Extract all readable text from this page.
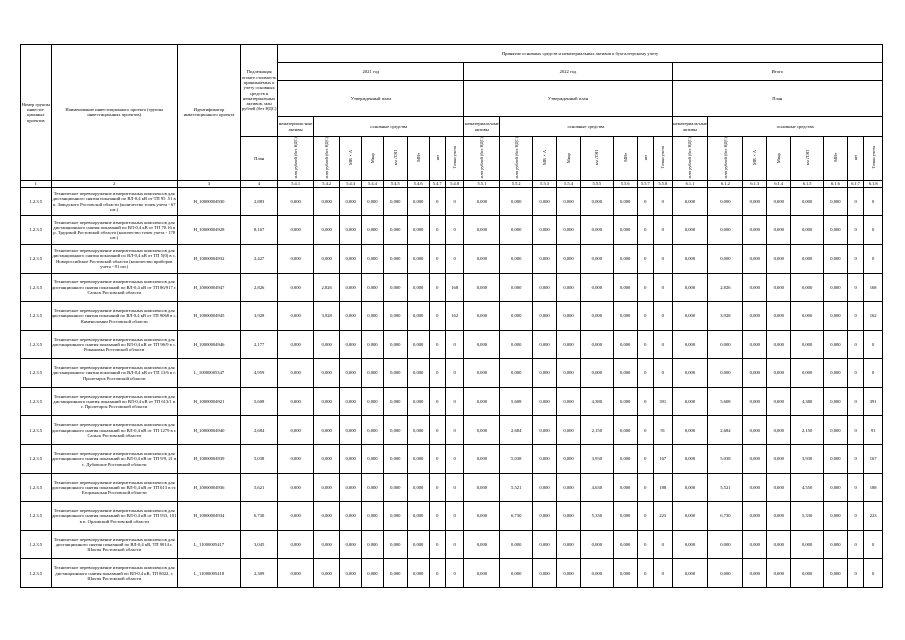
Номер группы инвести-ционных проектов	Наименование инвестиционного проекта (группы инвестиционных проектов)	Идентификатор инвестиционного проекта	Подлежащая оплате стоимость принимаемых к учету основных средств и нематериальных активов, млн рублей (без НДС)	Принятие основных средств и нематериальных активов к бухгалтерскому учету																							
				2021 год								2022 год								Итого							
				Утвержденный план								Утвержденный план								План							
				нематериаль-ные активы	основные средства							нематериаль-ные активы	основные средства							нематериаль-ные активы	основные средства						
			План	млн рублей (без НДС)	млн рублей (без НДС)	МВ×А	Мвар	км ЛЭП	МВт	шт	Точки учета	млн рублей (без НДС)	млн рублей (без НДС)	МВ×А	Мвар	км ЛЭП	МВт	шт	Точки учета	млн рублей (без НДС)	млн рублей (без НДС)	МВ×А	Мвар	км ЛЭП	МВт	шт	Точки учета
1	2	3	4	5.4.1	5.4.2	5.4.3	5.4.4	5.4.5	5.4.6	5.4.7	5.4.8	5.5.1	5.5.2	5.5.3	5.5.4	5.5.5	5.5.6	5.5.7	5.5.8	6.1.1	6.1.2	6.1.3	6.1.4	6.1.5	6.1.6	6.1.7	6.1.8
1.2.3.5	Техническое перевооружение измерительных комплексов для дистанционного снятия показаний по ВЛ-0,4 кВ от ТП 95 .51 в п. Заводского Ростовской области (количество точек учета - 67 шт.)	H_10000004930	2,883	0,000	0,000	0,000	0,000	0,000	0,000	0	0	0,000	0,000	0,000	0,000	0,000	0,000	0	0	0,000	0,000	0,000	0,000	0,000	0,000	0	0
1.2.3.5	Техническое перевооружение измерительных комплексов для дистанционного снятия показаний по ВЛ-0,4 кВ от ТП 70.16 в р. Трудовой Ростовской области (количество точек учета - 178 шт.)	H_10000004928	8,167	0,000	0,000	0,000	0,000	0,000	0,000	0	0	0,000	0,000	0,000	0,000	0,000	0,000	0	0	0,000	0,000	0,000	0,000	0,000	0,000	0	0
1.2.3.5	Техническое перевооружение измерительных комплексов для дистанционного снятия показаний по ВЛ-0,4 кВ от ТП 5(0) в с. Новороссийское Ростовской области (количество приборов учета - 91 шт.)	H_10000004932	2,427	0,000	0,000	0,000	0,000	0,000	0,000	0	0	0,000	0,000	0,000	0,000	0,000	0,000	0	0	0,000	0,000	0,000	0,000	0,000	0,000	0	0
1.2.3.5	Техническое перевооружение измерительных комплексов для дистанционного снятия показаний по ВЛ-0,4 кВ от ТП 86/917 г. Сальск Ростовской области	H_10000004947	2,826	0,000	2,826	0,000	0,000	0,000	0,000	0	168	0,000	0,000	0,000	0,000	0,000	0,000	0	0	0,000	2,826	0,000	0,000	0,000	0,000	0	168
1.2.3.5	Техническое перевооружение измерительных комплексов для дистанционного снятия показаний по ВЛ-0,4 кВ от ТП 9068 в с. Каменоломни Ростовской области	H_10000004945	3,928	0,000	3,928	0,000	0,000	0,000	0,000	0	162	0,000	0,000	0,000	0,000	0,000	0,000	0	0	0,000	3,928	0,000	0,000	0,000	0,000	0	162
1.2.3.5	Техническое перевооружение измерительных комплексов для дистанционного снятия показаний по ВЛ-0,4 кВ от ТП 96/9 в с. Романовка Ростовской области	H_10000004946	2,177	0,000	0,000	0,000	0,000	0,000	0,000	0	0	0,000	0,000	0,000	0,000	0,000	0,000	0	0	0,000	0,000	0,000	0,000	0,000	0,000	0	0
1.2.3.5	Техническое перевооружение измерительных комплексов для дистанционного снятия показаний по ВЛ-0,4 кВ от ТП 13/6 в г. Пролетарск Ростовской области	L_10000005347	4,959	0,000	0,000	0,000	0,000	0,000	0,000	0	0	0,000	0,000	0,000	0,000	0,000	0,000	0	0	0,000	0,000	0,000	0,000	0,000	0,000	0	0
1.2.3.5	Техническое перевооружение измерительных комплексов для дистанционного снятия показаний по ВЛ-0,4 кВ от ТП 613/1 в г. Пролетарск Ростовской области	H_10000004921	5,608	0,000	0,000	0,000	0,000	0,000	0,000	0	0	0,000	5,608	0,000	0,000	4,380	0,000	0	391	0,000	5,608	0,000	0,000	4,380	0,000	0	391
1.2.3.5	Техническое перевооружение измерительных комплексов для дистанционного снятия показаний по ВЛ-0,4 кВ от ТП 1279 в г. Сальск Ростовской области	H_10000004940	2,684	0,000	0,000	0,000	0,000	0,000	0,000	0	0	0,000	2,684	0,000	0,000	2,150	0,000	0	91	0,000	2,684	0,000	0,000	2,150	0,000	0	91
1.2.3.5	Техническое перевооружение измерительных комплексов для дистанционного снятия показаний по ВЛ-0,4 кВ от ТП 9/9, 21 в с. Дубовское Ростовской области	H_10000004939	5,038	0,000	0,000	0,000	0,000	0,000	0,000	0	0	0,000	5,038	0,000	0,000	3,930	0,000	0	167	0,000	5,038	0,000	0,000	3,930	0,000	0	167
1.2.3.5	Техническое перевооружение измерительных комплексов для дистанционного снятия показаний по ВЛ-0,4 кВ от ТП 613 в ст. Егорлыкская Ростовской области	H_10000004936	5,621	0,000	0,000	0,000	0,000	0,000	0,000	0	0	0,000	5,521	0,000	0,000	4,630	0,000	0	188	0,000	5,521	0,000	0,000	4,550	0,000	0	188
1.2.3.5	Техническое перевооружение измерительных комплексов для дистанционного снятия показаний по ВЛ-0,4 кВ от ТП 933, 101 в п. Орловский Ростовской области	H_10000004934	6,730	0,000	0,000	0,000	0,000	0,000	0,000	0	0	0,000	6,730	0,000	0,000	5,330	0,000	0	223	0,000	6,730	0,000	0,000	5,330	0,000	0	223
1.2.3.5	Техническое перевооружение измерительных комплексов для дистанционного снятия показаний по ВЛ-0,4 кВ, ТП 9014 г. Шахты Ростовской области	L_11000005417	3,045	0,000	0,000	0,000	0,000	0,000	0,000	0	0	0,000	0,000	0,000	0,000	0,000	0,000	0	0	0,000	0,000	0,000	0,000	0,000	0,000	0	0
1.2.3.5	Техническое перевооружение измерительных комплексов для дистанционного снятия показаний по ВЛ-0,4 кВ, ТП 8022, г. Шахты Ростовской области	L_11000005418	2,309	0,000	0,000	0,000	0,000	0,000	0,000	0	0	0,000	0,000	0,000	0,000	0,000	0,000	0	0	0,000	0,000	0,000	0,000	0,000	0,000	0	0
